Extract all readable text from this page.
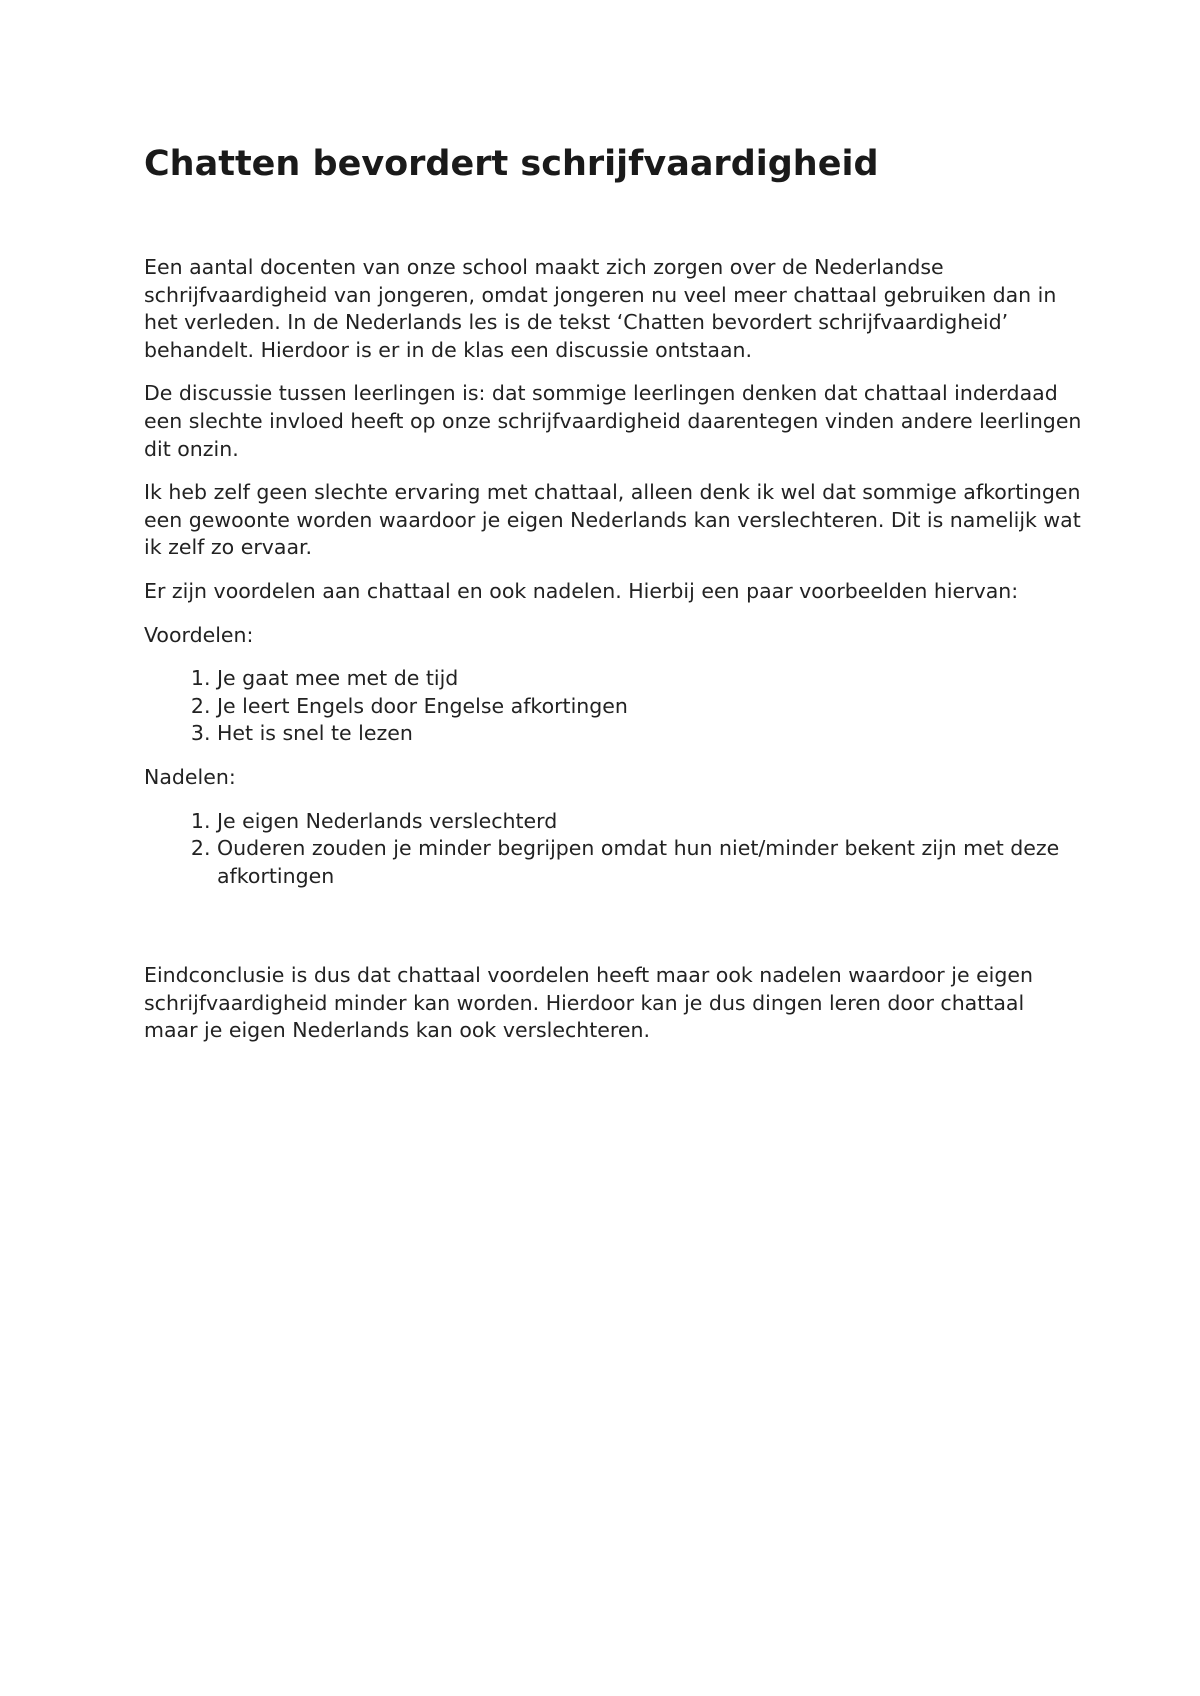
Chatten bevordert schrijfvaardigheid

Een aantal docenten van onze school maakt zich zorgen over de Nederlandse schrijfvaardigheid van jongeren, omdat jongeren nu veel meer chattaal gebruiken dan in het verleden. In de Nederlands les is de tekst ‘Chatten bevordert schrijfvaardigheid’ behandelt. Hierdoor is er in de klas een discussie ontstaan.

De discussie tussen leerlingen is: dat sommige leerlingen denken dat chattaal inderdaad een slechte invloed heeft op onze schrijfvaardigheid daarentegen vinden andere leerlingen dit onzin.

Ik heb zelf geen slechte ervaring met chattaal, alleen denk ik wel dat sommige afkortingen een gewoonte worden waardoor je eigen Nederlands kan verslechteren. Dit is namelijk wat ik zelf zo ervaar.

Er zijn voordelen aan chattaal en ook nadelen. Hierbij een paar voorbeelden hiervan:

Voordelen:

1. Je gaat mee met de tijd
2. Je leert Engels door Engelse afkortingen
3. Het is snel te lezen

Nadelen:

1. Je eigen Nederlands verslechterd
2. Ouderen zouden je minder begrijpen omdat hun niet/minder bekent zijn met deze afkortingen

Eindconclusie is dus dat chattaal voordelen heeft maar ook nadelen waardoor je eigen schrijfvaardigheid minder kan worden. Hierdoor kan je dus dingen leren door chattaal maar je eigen Nederlands kan ook verslechteren.
